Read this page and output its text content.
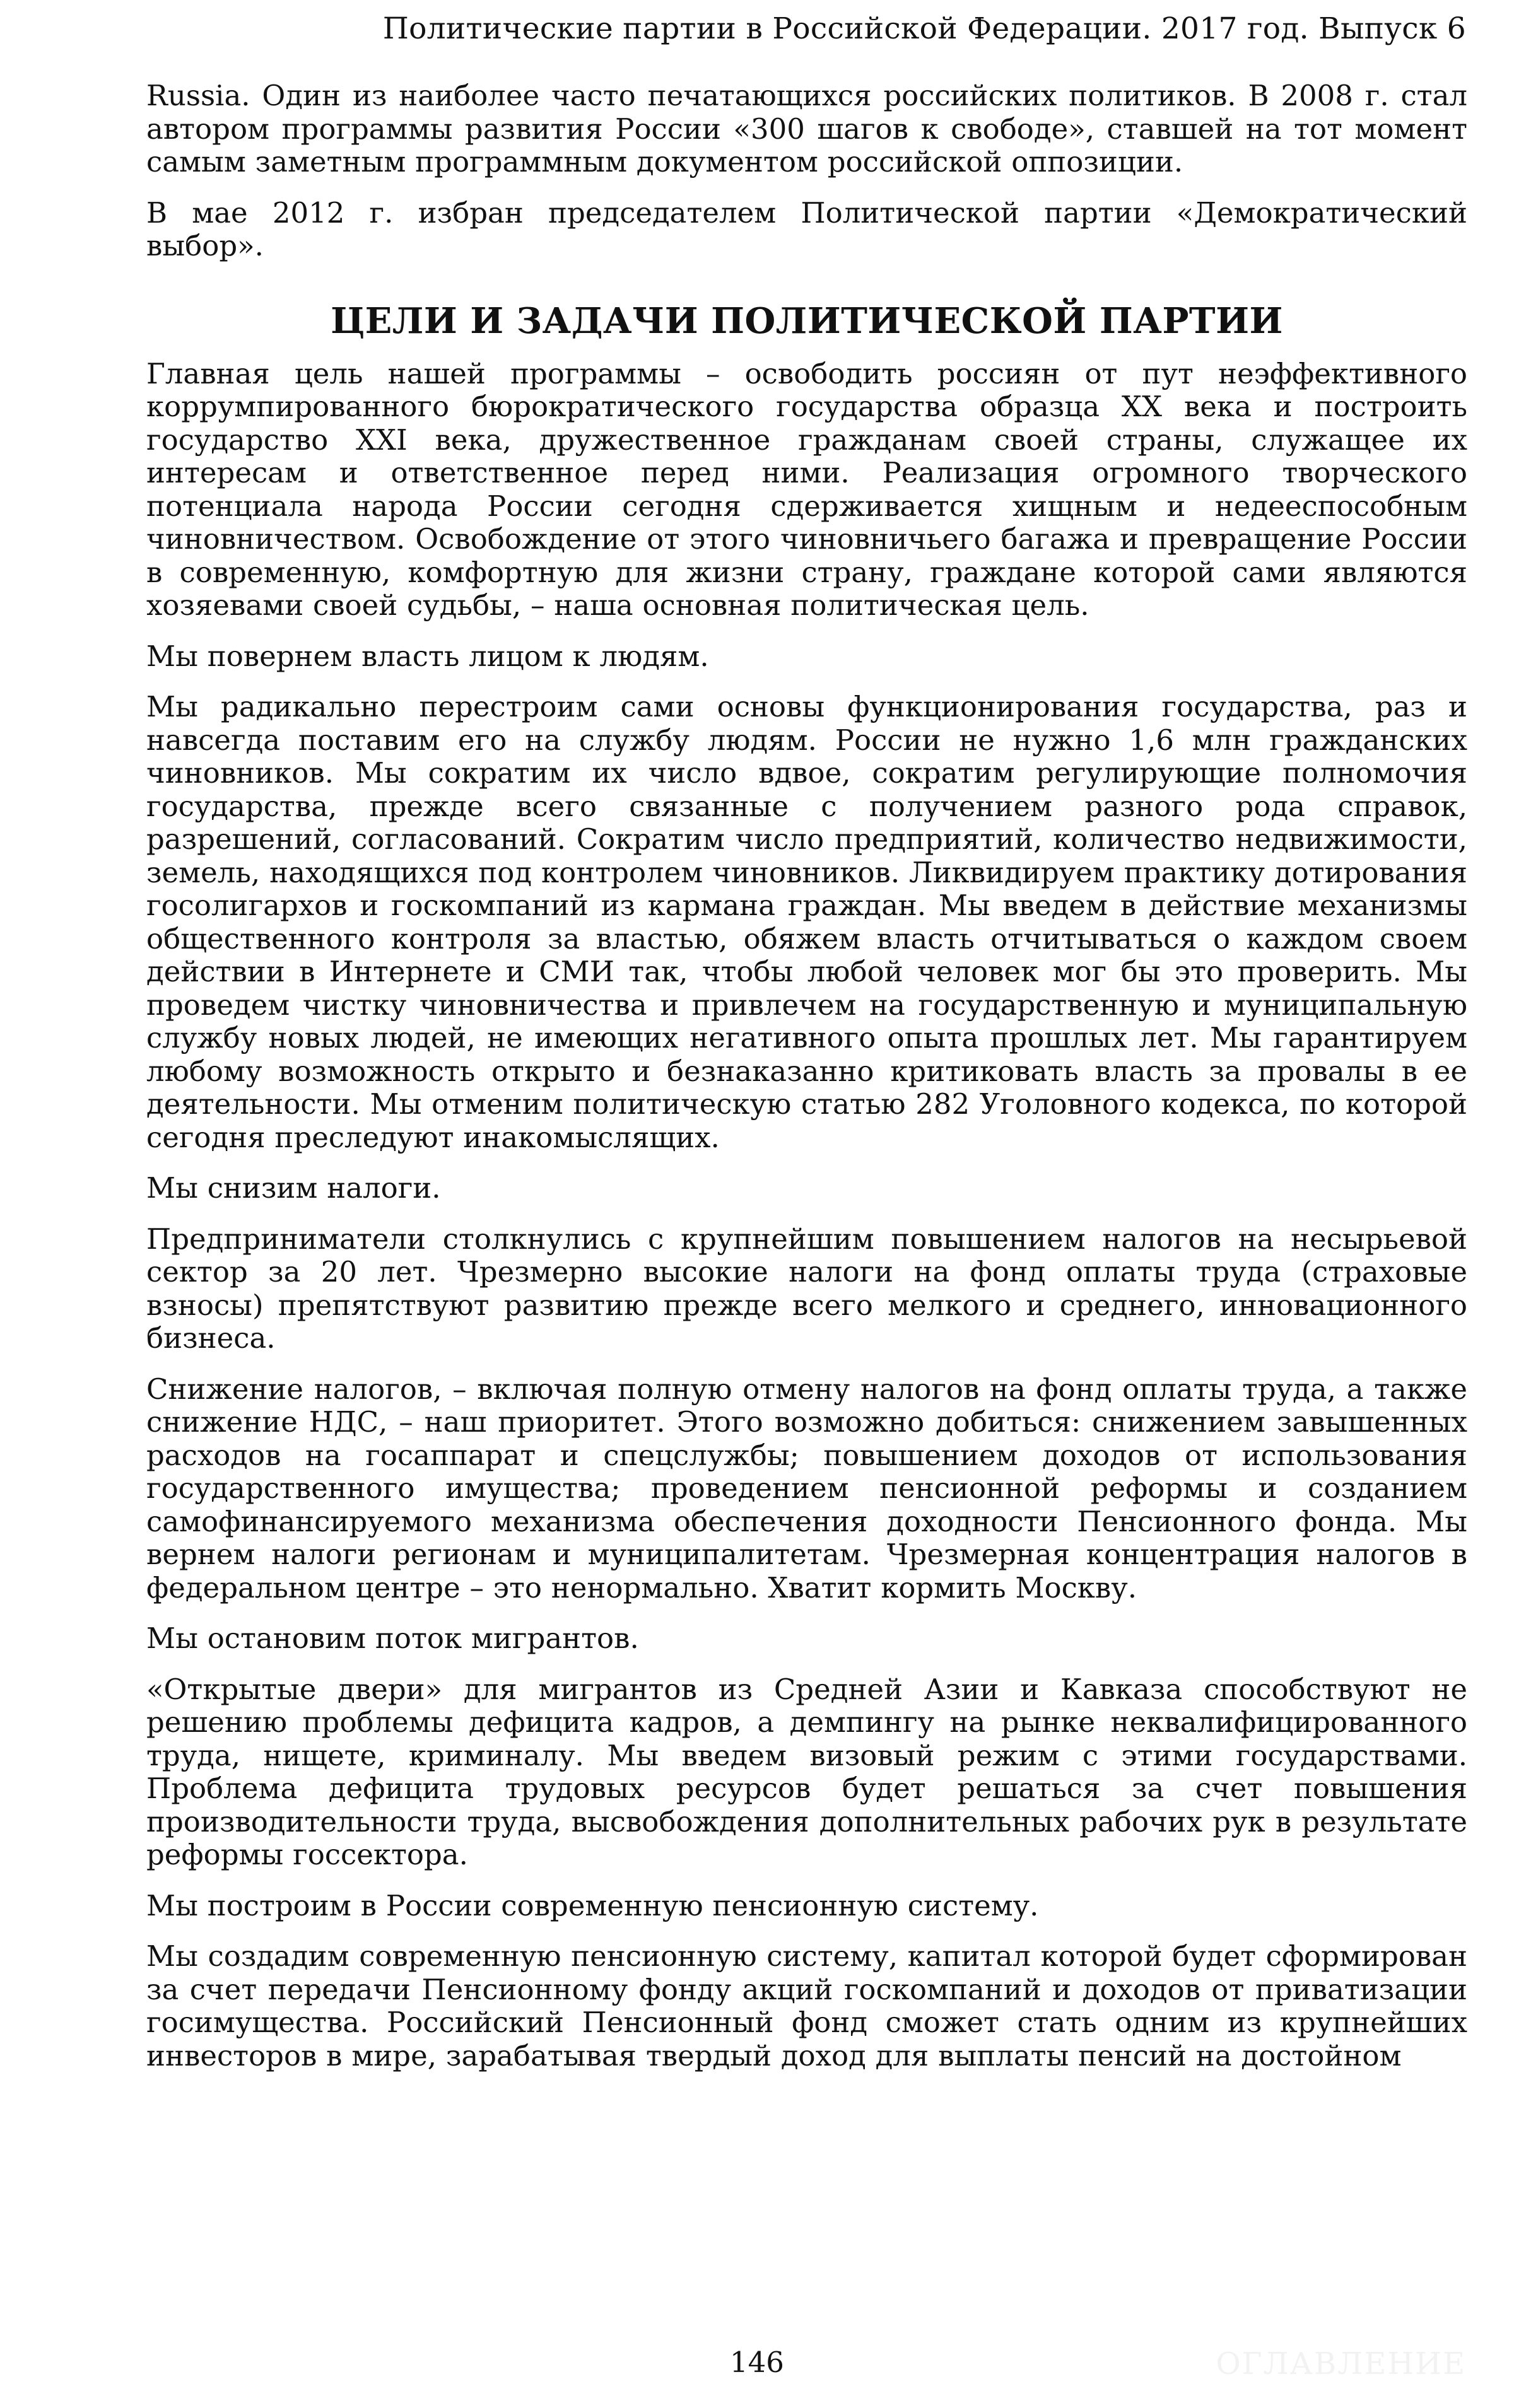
Политические партии в Российской Федерации. 2017 год. Выпуск 6

Russia. Один из наиболее часто печатающихся российских политиков. В 2008 г. стал автором программы развития России «300 шагов к свободе», ставшей на тот момент самым заметным программным документом российской оппозиции.

В мае 2012 г. избран председателем Политической партии «Демократический выбор».

ЦЕЛИ И ЗАДАЧИ ПОЛИТИЧЕСКОЙ ПАРТИИ

Главная цель нашей программы – освободить россиян от пут неэффективного коррумпированного бюрократического государства образца XX века и построить государство XXI века, дружественное гражданам своей страны, служащее их интересам и ответственное перед ними. Реализация огромного творческого потенциала народа России сегодня сдерживается хищным и недееспособным чиновничеством. Освобождение от этого чиновничьего багажа и превращение России в современную, комфортную для жизни страну, граждане которой сами являются хозяевами своей судьбы, – наша основная политическая цель.

Мы повернем власть лицом к людям.

Мы радикально перестроим сами основы функционирования государства, раз и навсегда поставим его на службу людям. России не нужно 1,6 млн гражданских чиновников. Мы сократим их число вдвое, сократим регулирующие полномочия государства, прежде всего связанные с получением разного рода справок, разрешений, согласований. Сократим число предприятий, количество недвижимости, земель, находящихся под контролем чиновников. Ликвидируем практику дотирования госолигархов и госкомпаний из кармана граждан. Мы введем в действие механизмы общественного контроля за властью, обяжем власть отчитываться о каждом своем действии в Интернете и СМИ так, чтобы любой человек мог бы это проверить. Мы проведем чистку чиновничества и привлечем на государственную и муниципальную службу новых людей, не имеющих негативного опыта прошлых лет. Мы гарантируем любому возможность открыто и безнаказанно критиковать власть за провалы в ее деятельности. Мы отменим политическую статью 282 Уголовного кодекса, по которой сегодня преследуют инакомыслящих.

Мы снизим налоги.

Предприниматели столкнулись с крупнейшим повышением налогов на несырьевой сектор за 20 лет. Чрезмерно высокие налоги на фонд оплаты труда (страховые взносы) препятствуют развитию прежде всего мелкого и среднего, инновационного бизнеса.

Снижение налогов, – включая полную отмену налогов на фонд оплаты труда, а также снижение НДС, – наш приоритет. Этого возможно добиться: снижением завышенных расходов на госаппарат и спецслужбы; повышением доходов от использования государственного имущества; проведением пенсионной реформы и созданием самофинансируемого механизма обеспечения доходности Пенсионного фонда. Мы вернем налоги регионам и муниципалитетам. Чрезмерная концентрация налогов в федеральном центре – это ненормально. Хватит кормить Москву.

Мы остановим поток мигрантов.

«Открытые двери» для мигрантов из Средней Азии и Кавказа способствуют не решению проблемы дефицита кадров, а демпингу на рынке неквалифицированного труда, нищете, криминалу. Мы введем визовый режим с этими государствами. Проблема дефицита трудовых ресурсов будет решаться за счет повышения производительности труда, высвобождения дополнительных рабочих рук в результате реформы госсектора.

Мы построим в России современную пенсионную систему.

Мы создадим современную пенсионную систему, капитал которой будет сформирован за счет передачи Пенсионному фонду акций госкомпаний и доходов от приватизации госимущества. Российский Пенсионный фонд сможет стать одним из крупнейших инвесторов в мире, зарабатывая твердый доход для выплаты пенсий на достойном

146	ОГЛАВЛЕНИЕ
